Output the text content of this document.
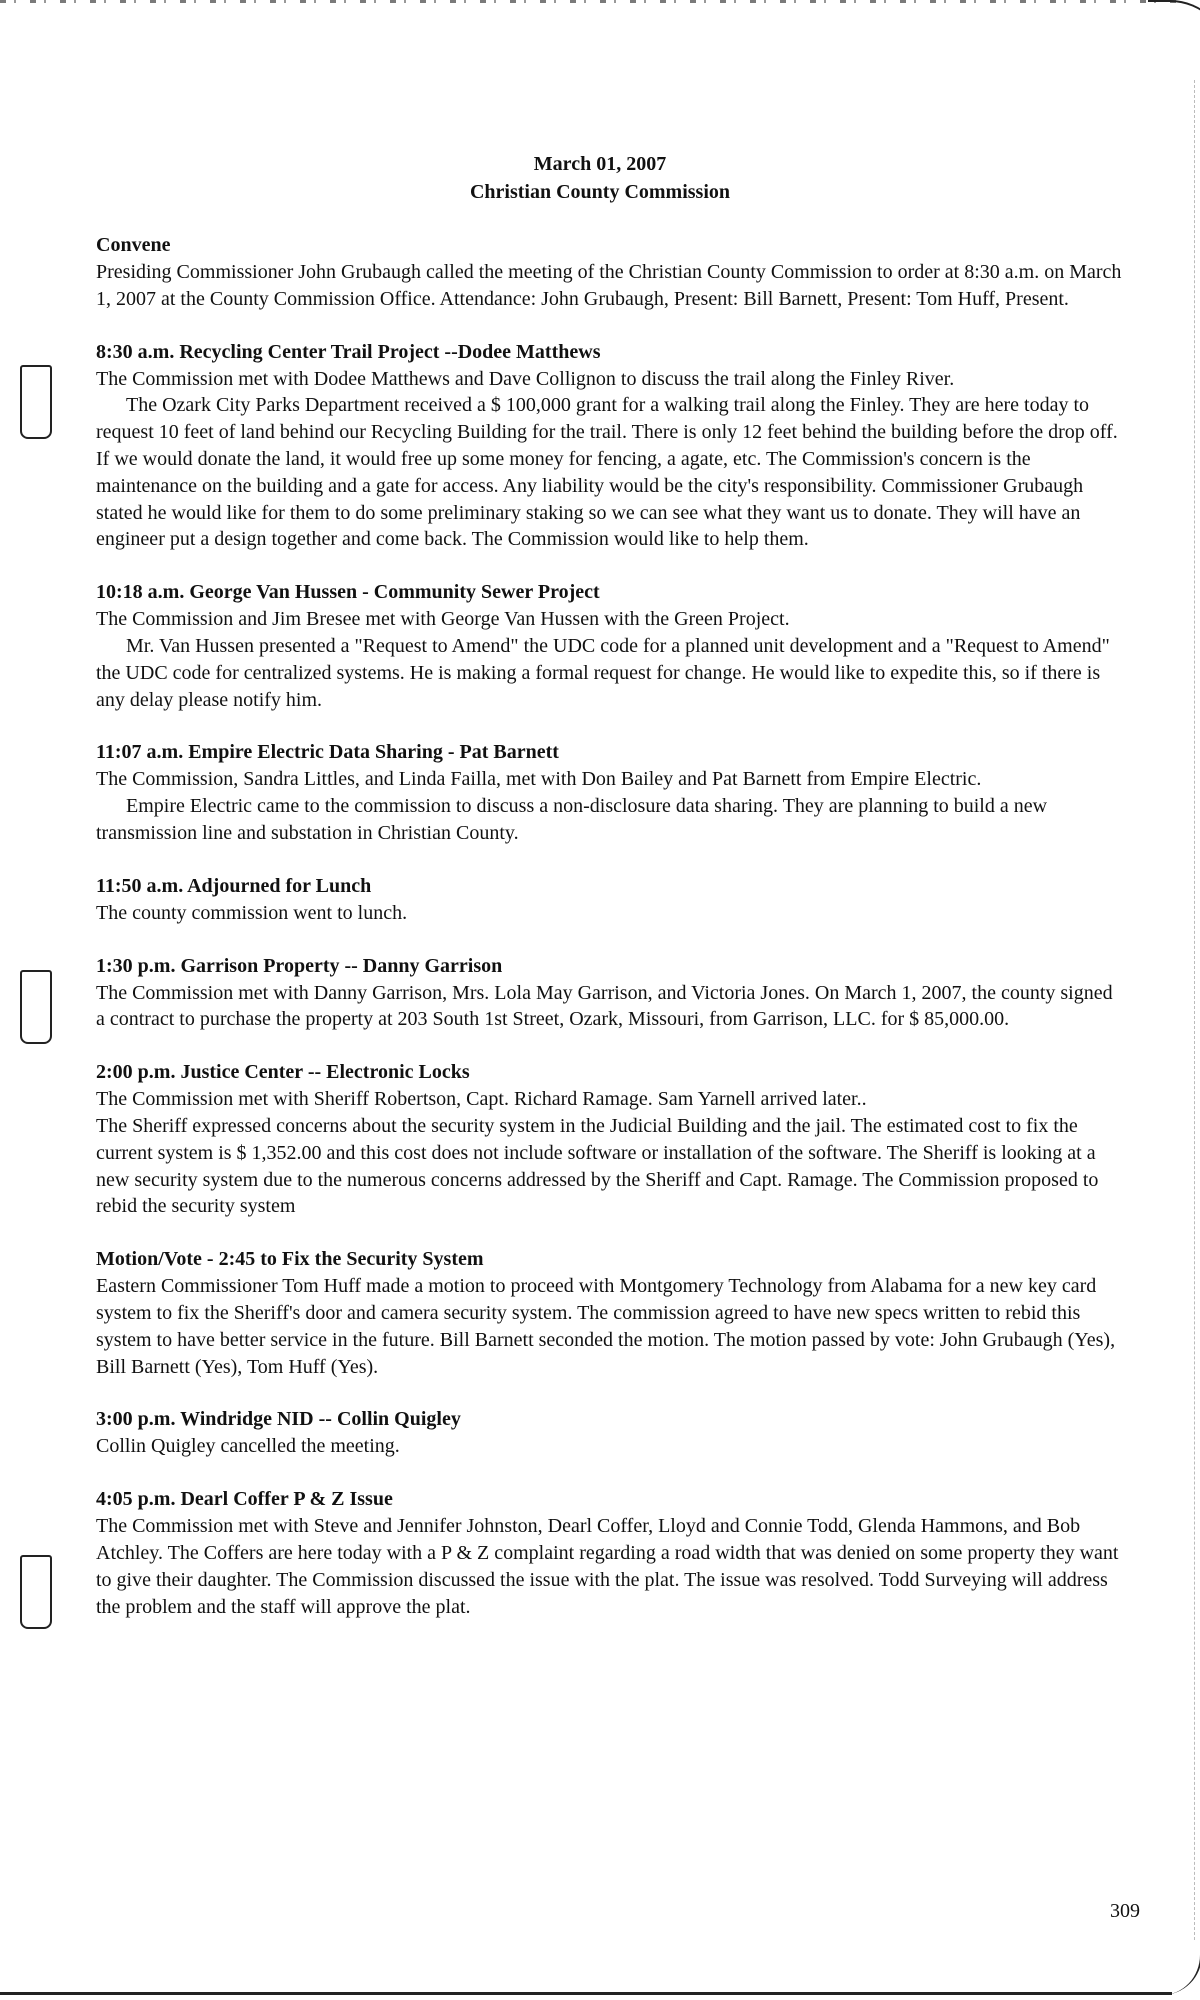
March 01, 2007
Christian County Commission
Convene
Presiding Commissioner John Grubaugh called the meeting of the Christian County Commission to order at 8:30 a.m. on March 1, 2007 at the County Commission Office. Attendance: John Grubaugh, Present: Bill Barnett, Present: Tom Huff, Present.
8:30 a.m. Recycling Center Trail Project --Dodee Matthews
The Commission met with Dodee Matthews and Dave Collignon to discuss the trail along the Finley River.
The Ozark City Parks Department received a $ 100,000 grant for a walking trail along the Finley. They are here today to request 10 feet of land behind our Recycling Building for the trail. There is only 12 feet behind the building before the drop off. If we would donate the land, it would free up some money for fencing, a agate, etc. The Commission's concern is the maintenance on the building and a gate for access. Any liability would be the city's responsibility. Commissioner Grubaugh stated he would like for them to do some preliminary staking so we can see what they want us to donate. They will have an engineer put a design together and come back. The Commission would like to help them.
10:18 a.m. George Van Hussen - Community Sewer Project
The Commission and Jim Bresee met with George Van Hussen with the Green Project.
Mr. Van Hussen presented a "Request to Amend" the UDC code for a planned unit development and a "Request to Amend" the UDC code for centralized systems. He is making a formal request for change. He would like to expedite this, so if there is any delay please notify him.
11:07 a.m. Empire Electric Data Sharing - Pat Barnett
The Commission, Sandra Littles, and Linda Failla, met with Don Bailey and Pat Barnett from Empire Electric.
Empire Electric came to the commission to discuss a non-disclosure data sharing. They are planning to build a new transmission line and substation in Christian County.
11:50 a.m. Adjourned for Lunch
The county commission went to lunch.
1:30 p.m. Garrison Property -- Danny Garrison
The Commission met with Danny Garrison, Mrs. Lola May Garrison, and Victoria Jones. On March 1, 2007, the county signed a contract to purchase the property at 203 South 1st Street, Ozark, Missouri, from Garrison, LLC. for $ 85,000.00.
2:00 p.m. Justice Center -- Electronic Locks
The Commission met with Sheriff Robertson, Capt. Richard Ramage. Sam Yarnell arrived later..
The Sheriff expressed concerns about the security system in the Judicial Building and the jail. The estimated cost to fix the current system is $ 1,352.00 and this cost does not include software or installation of the software. The Sheriff is looking at a new security system due to the numerous concerns addressed by the Sheriff and Capt. Ramage. The Commission proposed to rebid the security system
Motion/Vote - 2:45 to Fix the Security System
Eastern Commissioner Tom Huff made a motion to proceed with Montgomery Technology from Alabama for a new key card system to fix the Sheriff's door and camera security system. The commission agreed to have new specs written to rebid this system to have better service in the future. Bill Barnett seconded the motion. The motion passed by vote: John Grubaugh (Yes), Bill Barnett (Yes), Tom Huff (Yes).
3:00 p.m. Windridge NID -- Collin Quigley
Collin Quigley cancelled the meeting.
4:05 p.m. Dearl Coffer P & Z Issue
The Commission met with Steve and Jennifer Johnston, Dearl Coffer, Lloyd and Connie Todd, Glenda Hammons, and Bob Atchley. The Coffers are here today with a P & Z complaint regarding a road width that was denied on some property they want to give their daughter. The Commission discussed the issue with the plat. The issue was resolved. Todd Surveying will address the problem and the staff will approve the plat.
309
